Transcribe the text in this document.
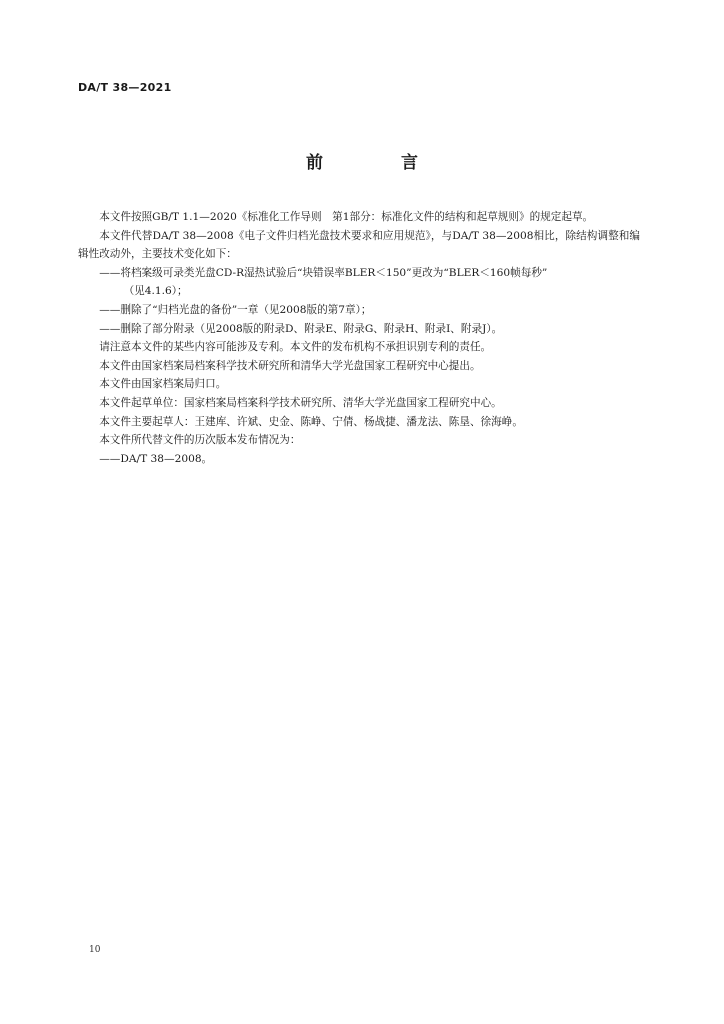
DA/T 38—2021
前 言

本文件按照GB/T 1.1—2020《标准化工作导则　第1部分：标准化文件的结构和起草规则》的规定起草。

本文件代替DA/T 38—2008《电子文件归档光盘技术要求和应用规范》，与DA/T 38—2008相比，除结构调整和编辑性改动外，主要技术变化如下：

——将档案级可录类光盘CD-R湿热试验后“块错误率BLER＜150”更改为“BLER＜160帧每秒”
（见4.1.6）；

——删除了“归档光盘的备份”一章（见2008版的第7章）；

——删除了部分附录（见2008版的附录D、附录E、附录G、附录H、附录I、附录J）。

请注意本文件的某些内容可能涉及专利。本文件的发布机构不承担识别专利的责任。

本文件由国家档案局档案科学技术研究所和清华大学光盘国家工程研究中心提出。

本文件由国家档案局归口。

本文件起草单位：国家档案局档案科学技术研究所、清华大学光盘国家工程研究中心。

本文件主要起草人：王建库、许斌、史金、陈峥、宁倩、杨战捷、潘龙法、陈垦、徐海峥。

本文件所代替文件的历次版本发布情况为：

——DA/T 38—2008。

10
